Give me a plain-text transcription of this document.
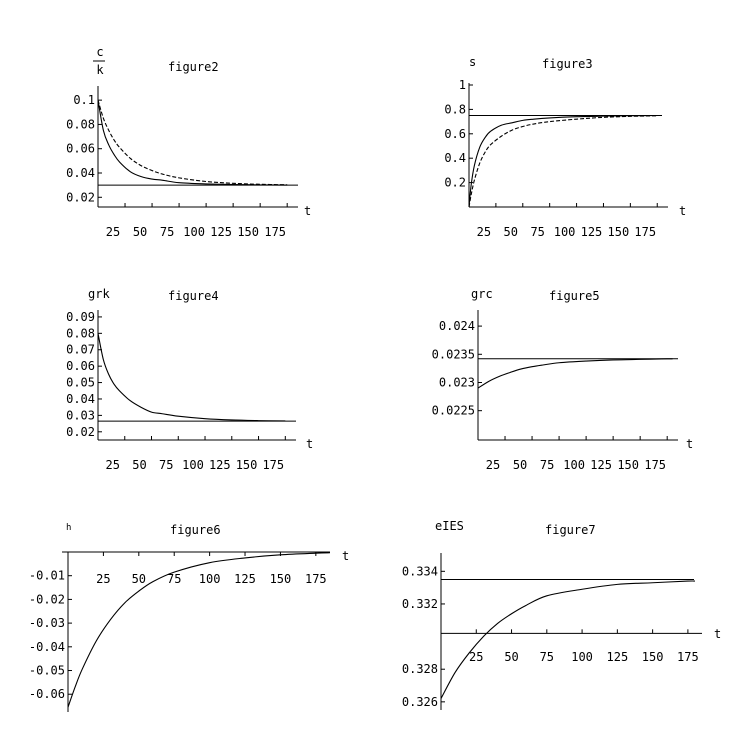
c
k	figure2
t
0.1
0.08
0.06
0.04
0.02
25 50 75 100 125 150 175
s	figure3
t
1
0.8
0.6
0.4
0.2
25 50 75 100 125 150 175
grk	figure4
t
0.09
0.08
0.07
0.06
0.05
0.04
0.03
0.02
25 50 75 100 125 150 175
grc	figure5
t
0.024
0.0235
0.023
0.0225
25 50 75 100 125 150 175
h	figure6
t
-0.01
-0.02
-0.03
-0.04
-0.05
-0.06
25 50 75 100 125 150 175
eIES	figure7
t
0.334
0.332
0.328
0.326
25 50 75 100 125 150 175
